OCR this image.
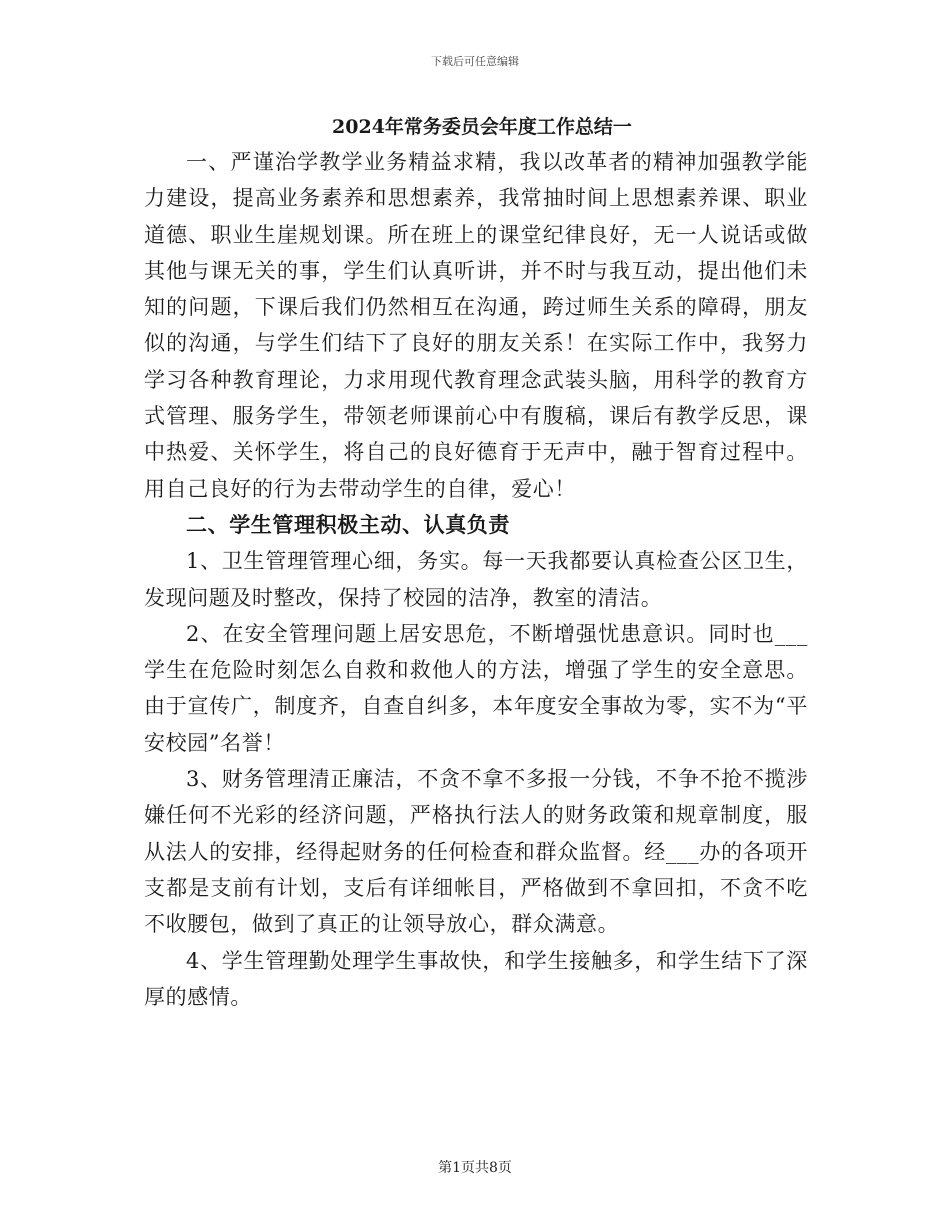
下载后可任意编辑
2024年常务委员会年度工作总结一

一、严谨治学教学业务精益求精，我以改革者的精神加强教学能力建设，提高业务素养和思想素养，我常抽时间上思想素养课、职业道德、职业生崖规划课。所在班上的课堂纪律良好，无一人说话或做其他与课无关的事，学生们认真听讲，并不时与我互动，提出他们未知的问题，下课后我们仍然相互在沟通，跨过师生关系的障碍，朋友似的沟通，与学生们结下了良好的朋友关系！在实际工作中，我努力学习各种教育理论，力求用现代教育理念武装头脑，用科学的教育方式管理、服务学生，带领老师课前心中有腹稿，课后有教学反思，课中热爱、关怀学生，将自己的良好德育于无声中，融于智育过程中。用自己良好的行为去带动学生的自律，爱心！

二、学生管理积极主动、认真负责

1、卫生管理管理心细，务实。每一天我都要认真检查公区卫生，发现问题及时整改，保持了校园的洁净，教室的清洁。

2、在安全管理问题上居安思危，不断增强忧患意识。同时也___学生在危险时刻怎么自救和救他人的方法，增强了学生的安全意思。由于宣传广，制度齐，自查自纠多，本年度安全事故为零，实不为“平安校园”名誉！

3、财务管理清正廉洁，不贪不拿不多报一分钱，不争不抢不揽涉嫌任何不光彩的经济问题，严格执行法人的财务政策和规章制度，服从法人的安排，经得起财务的任何检查和群众监督。经___办的各项开支都是支前有计划，支后有详细帐目，严格做到不拿回扣，不贪不吃不收腰包，做到了真正的让领导放心，群众满意。

4、学生管理勤处理学生事故快，和学生接触多，和学生结下了深厚的感情。

第1页共8页
